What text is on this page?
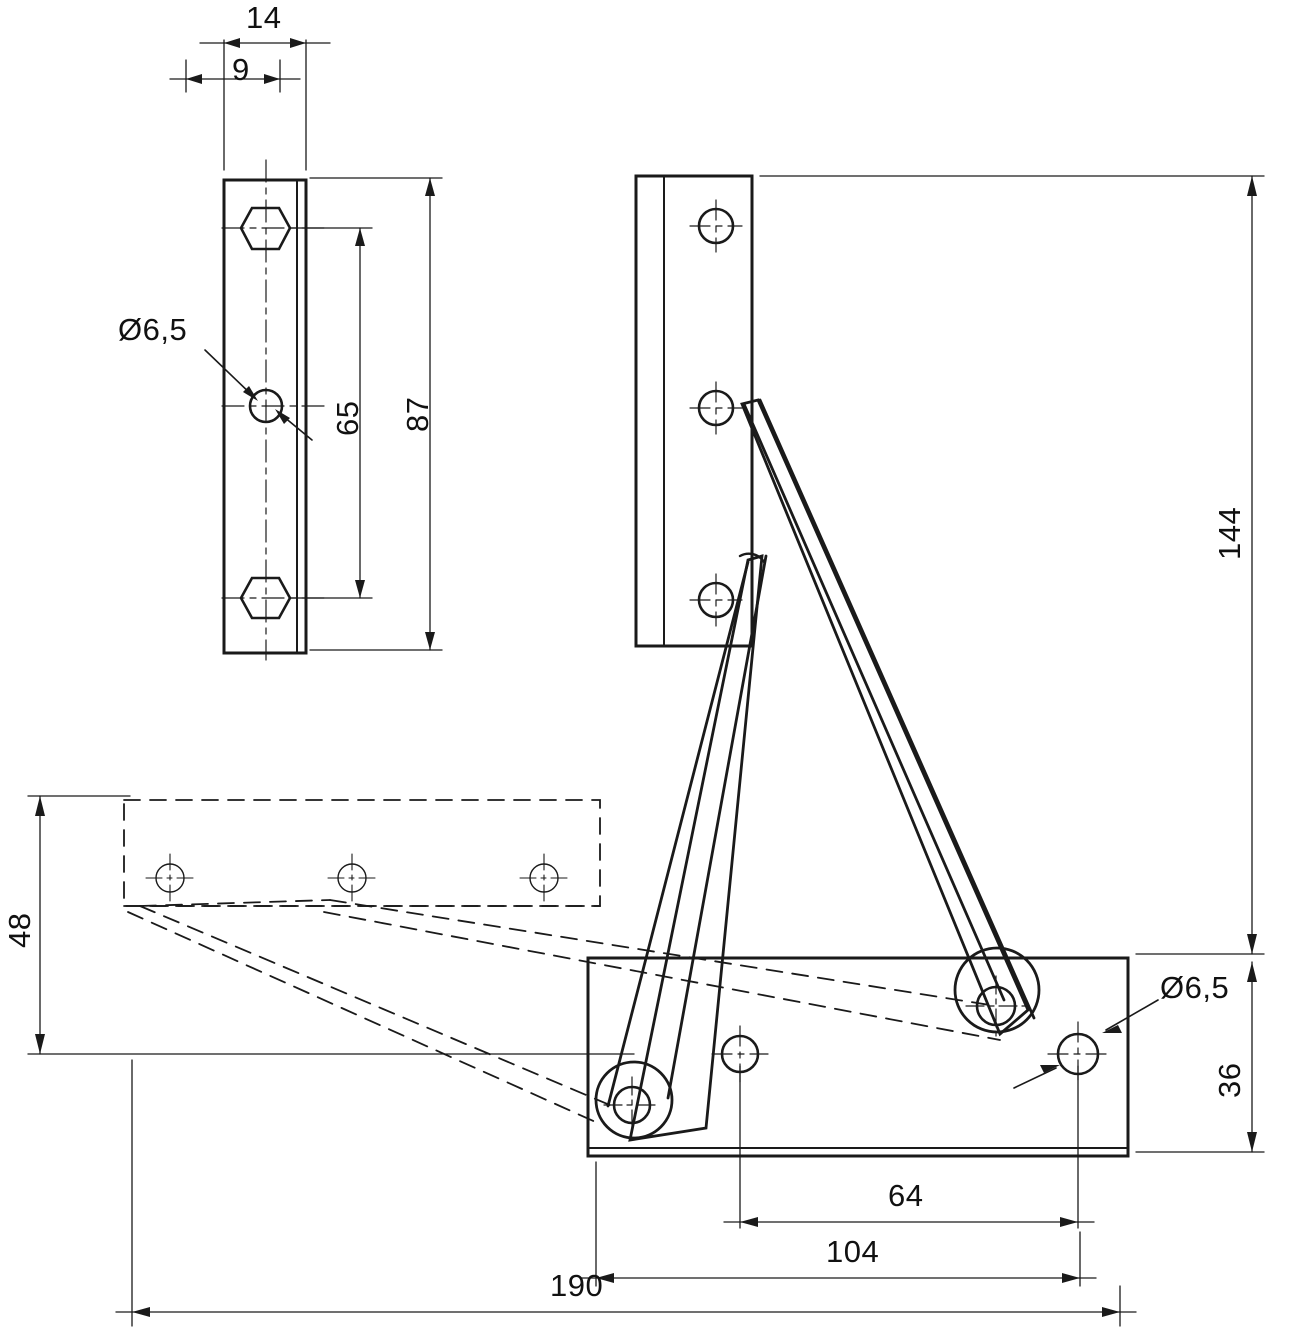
14
9
65 87
Ø6,5
144
36
48
Ø6,5
64
104
190
